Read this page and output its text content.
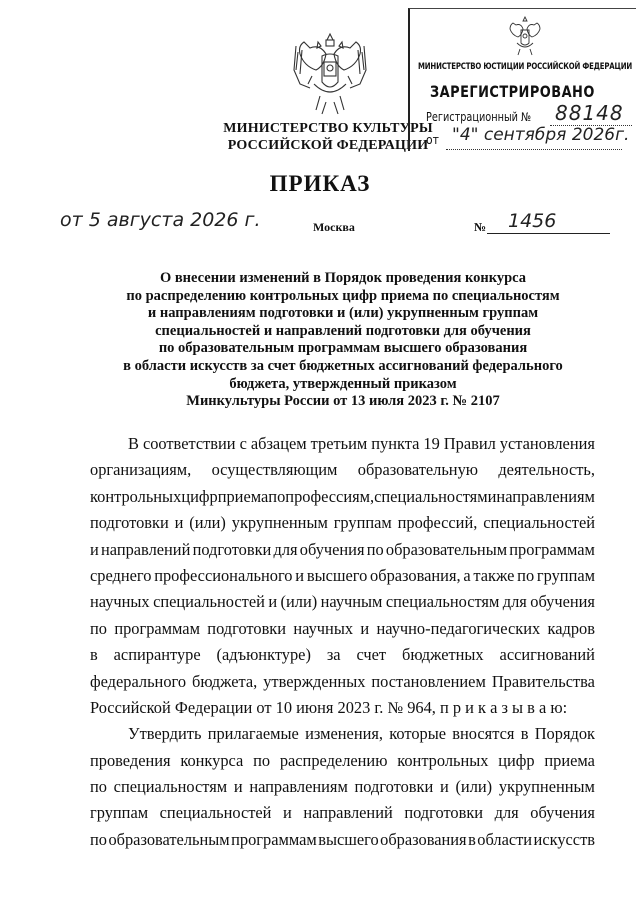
МИНИСТЕРСТВО КУЛЬТУРЫ
РОССИЙСКОЙ ФЕДЕРАЦИИ
МИНИСТЕРСТВО ЮСТИЦИИ РОССИЙСКОЙ ФЕДЕРАЦИИ
ЗАРЕГИСТРИРОВАНО
Регистрационный № 88148
от "4" сентября 2026г.
ПРИКАЗ
от 5 августа 2026 г.	Москва	№ 1456
О внесении изменений в Порядок проведения конкурса
по распределению контрольных цифр приема по специальностям
и направлениям подготовки и (или) укрупненным группам
специальностей и направлений подготовки для обучения
по образовательным программам высшего образования
в области искусств за счет бюджетных ассигнований федерального
бюджета, утвержденный приказом
Минкультуры России от 13 июля 2023 г. № 2107
В соответствии с абзацем третьим пункта 19 Правил установления
организациям, осуществляющим образовательную деятельность,
контрольных цифр приема по профессиям, специальностям и направлениям
подготовки и (или) укрупненным группам профессий, специальностей
и направлений подготовки для обучения по образовательным программам
среднего профессионального и высшего образования, а также по группам
научных специальностей и (или) научным специальностям для обучения
по программам подготовки научных и научно-педагогических кадров
в аспирантуре (адъюнктуре) за счет бюджетных ассигнований
федерального бюджета, утвержденных постановлением Правительства
Российской Федерации от 10 июня 2023 г. № 964, п р и к а з ы в а ю:
Утвердить прилагаемые изменения, которые вносятся в Порядок
проведения конкурса по распределению контрольных цифр приема
по специальностям и направлениям подготовки и (или) укрупненным
группам специальностей и направлений подготовки для обучения
по образовательным программам высшего образования в области искусств
